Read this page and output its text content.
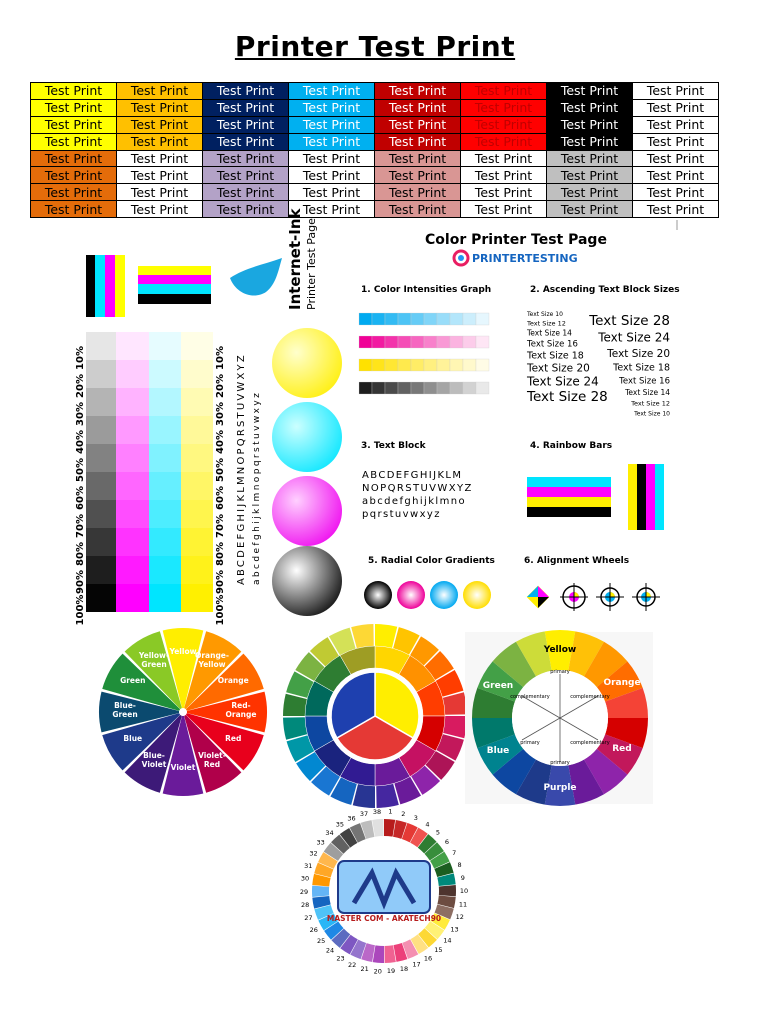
Printer Test Print
Test Print	Test Print	Test Print	Test Print	Test Print	Test Print	Test Print	Test Print
Test Print	Test Print	Test Print	Test Print	Test Print	Test Print	Test Print	Test Print
Test Print	Test Print	Test Print	Test Print	Test Print	Test Print	Test Print	Test Print
Test Print	Test Print	Test Print	Test Print	Test Print	Test Print	Test Print	Test Print
Test Print	Test Print	Test Print	Test Print	Test Print	Test Print	Test Print	Test Print
Test Print	Test Print	Test Print	Test Print	Test Print	Test Print	Test Print	Test Print
Test Print	Test Print	Test Print	Test Print	Test Print	Test Print	Test Print	Test Print
Test Print	Test Print	Test Print	Test Print	Test Print	Test Print	Test Print	Test Print
Internet-Ink Printer Test Page
10%
20%
30%
40%
50%
60%
70%
80%
90%
100%
10%
20%
30%
40%
50%
60%
70%
80%
90%
100%
ABCDEFGHIJKLMNOPQRSTUVWXYZ abcdefghijklmnopqrstuvwxyz
Color Printer Test Page
PRINTERTESTING
1. Color Intensities Graph	2. Ascending Text Block Sizes
Text Size 10
Text Size 12
Text Size 14
Text Size 16
Text Size 18
Text Size 20
Text Size 24
Text Size 28
Text Size 28
Text Size 24
Text Size 20
Text Size 18
Text Size 16
Text Size 14
Text Size 12
Text Size 10
3. Text Block	4. Rainbow Bars
ABCDEFGHIJKLM
NOPQRSTUVWXYZ
abcdefghijklmno
pqrstuvwxyz
5. Radial Color Gradients	6. Alignment Wheels
Yellow
Orange-Yellow
Orange
Red-Orange
Red
Violet-Red
Violet
Blue-Violet
Blue
Blue-Green
Green
Yellow-Green
Yellow
Orange
Red
Purple
Blue
Green
primary
complementary
complementary
primary
primary
complementary
1 2
3
4
5
6
7
8
9
10
11
12
13
14
15
16
17
18
19
20
21
22
23
24
25
26
27
28
29
30
31
32
33
34
35
36
37 38
MASTER COM - AKATECH90
